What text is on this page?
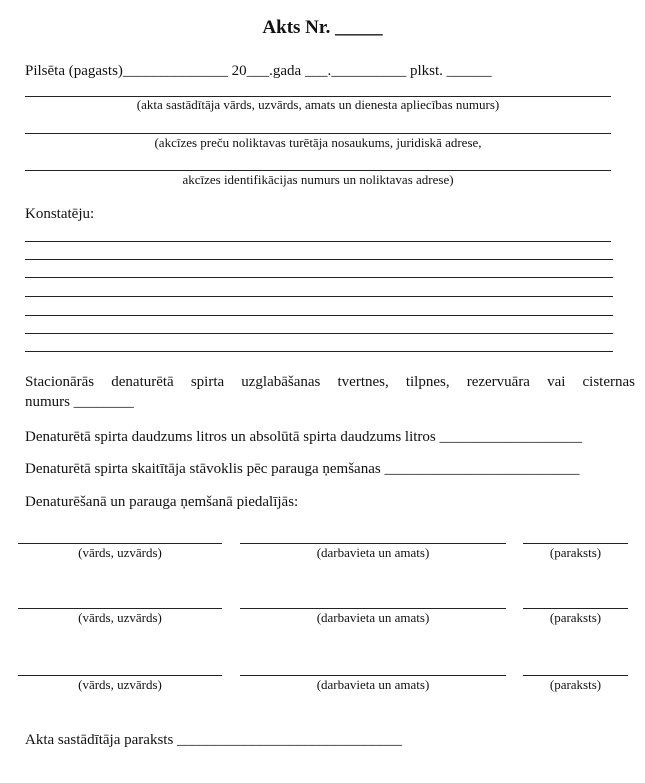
Akts Nr. _____
Pilsēta (pagasts)______________ 20___.gada ___.__________ plkst. ______
(akta sastādītāja vārds, uzvārds, amats un dienesta apliecības numurs)
(akcīzes preču noliktavas turētāja nosaukums, juridiskā adrese,
akcīzes identifikācijas numurs un noliktavas adrese)
Konstatēju:
Stacionārās denaturētā spirta uzglabāšanas tvertnes, tilpnes, rezervuāra vai cisternas
numurs ________
Denaturētā spirta daudzums litros un absolūtā spirta daudzums litros ___________________
Denaturētā spirta skaitītāja stāvoklis pēc parauga ņemšanas __________________________
Denaturēšanā un parauga ņemšanā piedalījās:
(vārds, uzvārds)	(darbavieta un amats)	(paraksts)
(vārds, uzvārds)	(darbavieta un amats)	(paraksts)
(vārds, uzvārds)	(darbavieta un amats)	(paraksts)
Akta sastādītāja paraksts ______________________________
